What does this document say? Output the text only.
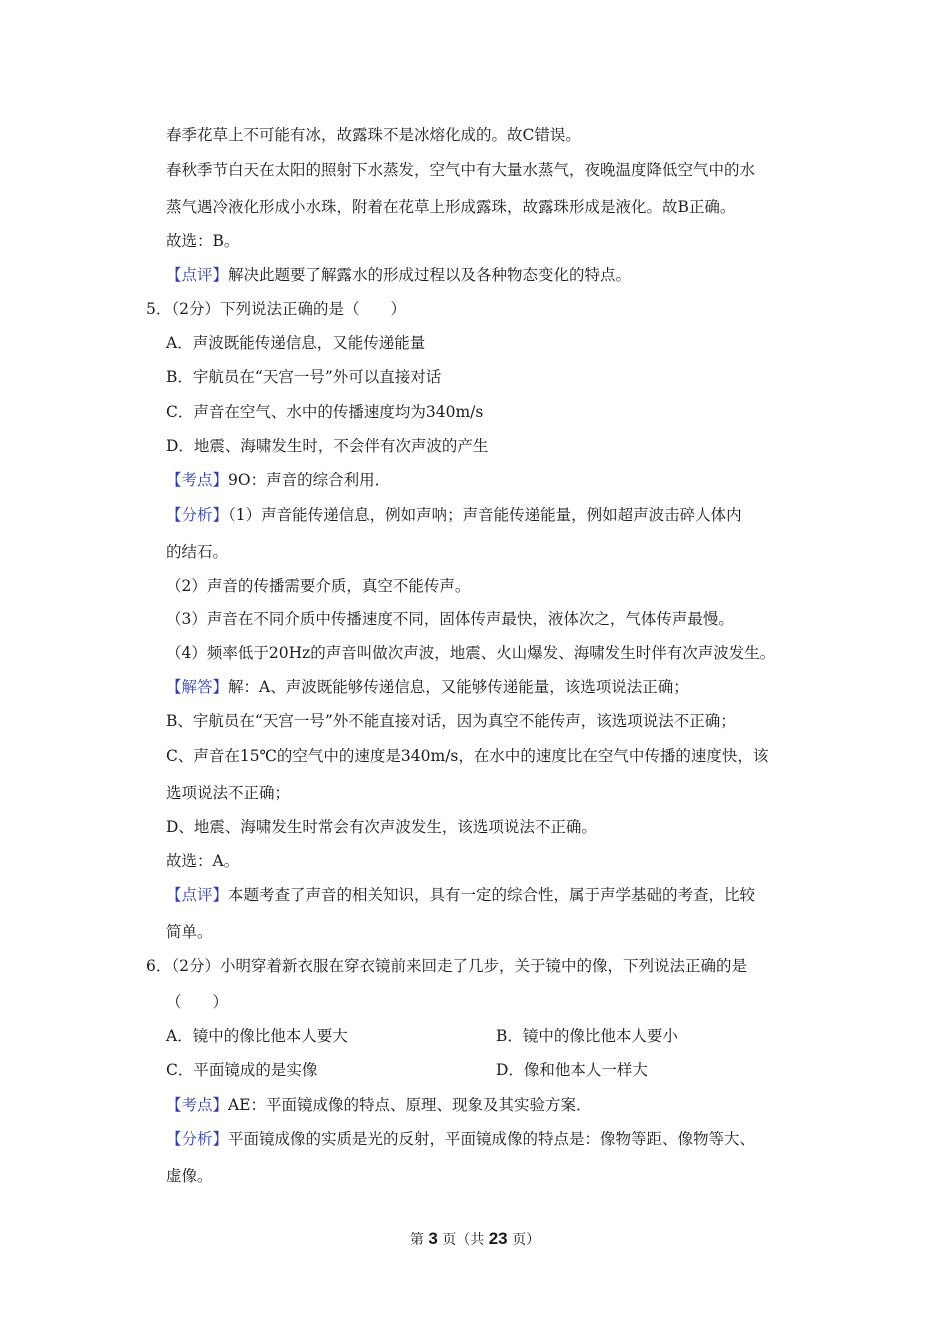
春季花草上不可能有冰，故露珠不是冰熔化成的。故C错误。
春秋季节白天在太阳的照射下水蒸发，空气中有大量水蒸气，夜晚温度降低空气中的水
蒸气遇冷液化形成小水珠，附着在花草上形成露珠，故露珠形成是液化。故B正确。
故选：B。
【点评】解决此题要了解露水的形成过程以及各种物态变化的特点。
5．（2分）下列说法正确的是（　　）
A．声波既能传递信息，又能传递能量
B．宇航员在“天宫一号”外可以直接对话
C．声音在空气、水中的传播速度均为340m/s
D．地震、海啸发生时，不会伴有次声波的产生
【考点】9O：声音的综合利用．
【分析】（1）声音能传递信息，例如声呐；声音能传递能量，例如超声波击碎人体内
的结石。
（2）声音的传播需要介质，真空不能传声。
（3）声音在不同介质中传播速度不同，固体传声最快，液体次之，气体传声最慢。
（4）频率低于20Hz的声音叫做次声波，地震、火山爆发、海啸发生时伴有次声波发生。
【解答】解：A、声波既能够传递信息，又能够传递能量，该选项说法正确；
B、宇航员在“天宫一号”外不能直接对话，因为真空不能传声，该选项说法不正确；
C、声音在15℃的空气中的速度是340m/s，在水中的速度比在空气中传播的速度快，该
选项说法不正确；
D、地震、海啸发生时常会有次声波发生，该选项说法不正确。
故选：A。
【点评】本题考查了声音的相关知识，具有一定的综合性，属于声学基础的考查，比较
简单。
6．（2分）小明穿着新衣服在穿衣镜前来回走了几步，关于镜中的像，下列说法正确的是
（　　）
A．镜中的像比他本人要大	B．镜中的像比他本人要小
C．平面镜成的是实像	D．像和他本人一样大
【考点】AE：平面镜成像的特点、原理、现象及其实验方案．
【分析】平面镜成像的实质是光的反射，平面镜成像的特点是：像物等距、像物等大、
虚像。
第 3 页（共 23 页）
